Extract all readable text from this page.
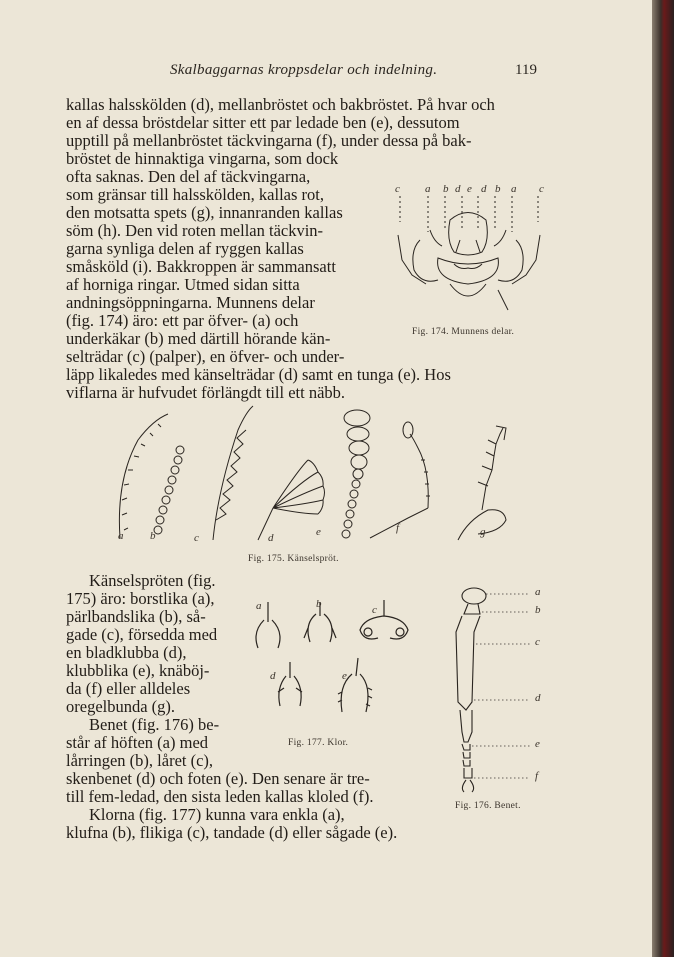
Skalbaggarnas kroppsdelar och indelning.	119
kallas halsskölden (d), mellanbröstet och bakbröstet. På hvar och
en af dessa bröstdelar sitter ett par ledade ben (e), dessutom
upptill på mellanbröstet täckvingarna (f), under dessa på bak-
bröstet de hinnaktiga vingarna, som dock
ofta saknas. Den del af täckvingarna,
som gränsar till halsskölden, kallas rot,
den motsatta spets (g), innanranden kallas
söm (h). Den vid roten mellan täckvin-
garna synliga delen af ryggen kallas
småsköld (i). Bakkroppen är sammansatt
af horniga ringar. Utmed sidan sitta
andningsöppningarna. Munnens delar
(fig. 174) äro: ett par öfver- (a) och
underkäkar (b) med därtill hörande kän-
selträdar (c) (palper), en öfver- och under-
läpp likaledes med känselträdar (d) samt en tunga (e). Hos
viflarna är hufvudet förlängdt till ett näbb.
c a b d e d b a c
Fig. 174. Munnens delar.
a b	c	d	e	f	g
Fig. 175. Känselspröt.
Känselspröten (fig.
175) äro: borstlika (a),
pärlbandslika (b), så-
gade (c), försedda med
en bladklubba (d),
klubblika (e), knäböj-
da (f) eller alldeles
oregelbunda (g).
Benet (fig. 176) be-
står af höften (a) med
lårringen (b), låret (c),
a	b	c
d	e
Fig. 177. Klor.
a
b
c
d
e
f
Fig. 176. Benet.
skenbenet (d) och foten (e). Den senare är tre-
till fem-ledad, den sista leden kallas kloled (f).
Klorna (fig. 177) kunna vara enkla (a),
klufna (b), flikiga (c), tandade (d) eller sågade (e).
